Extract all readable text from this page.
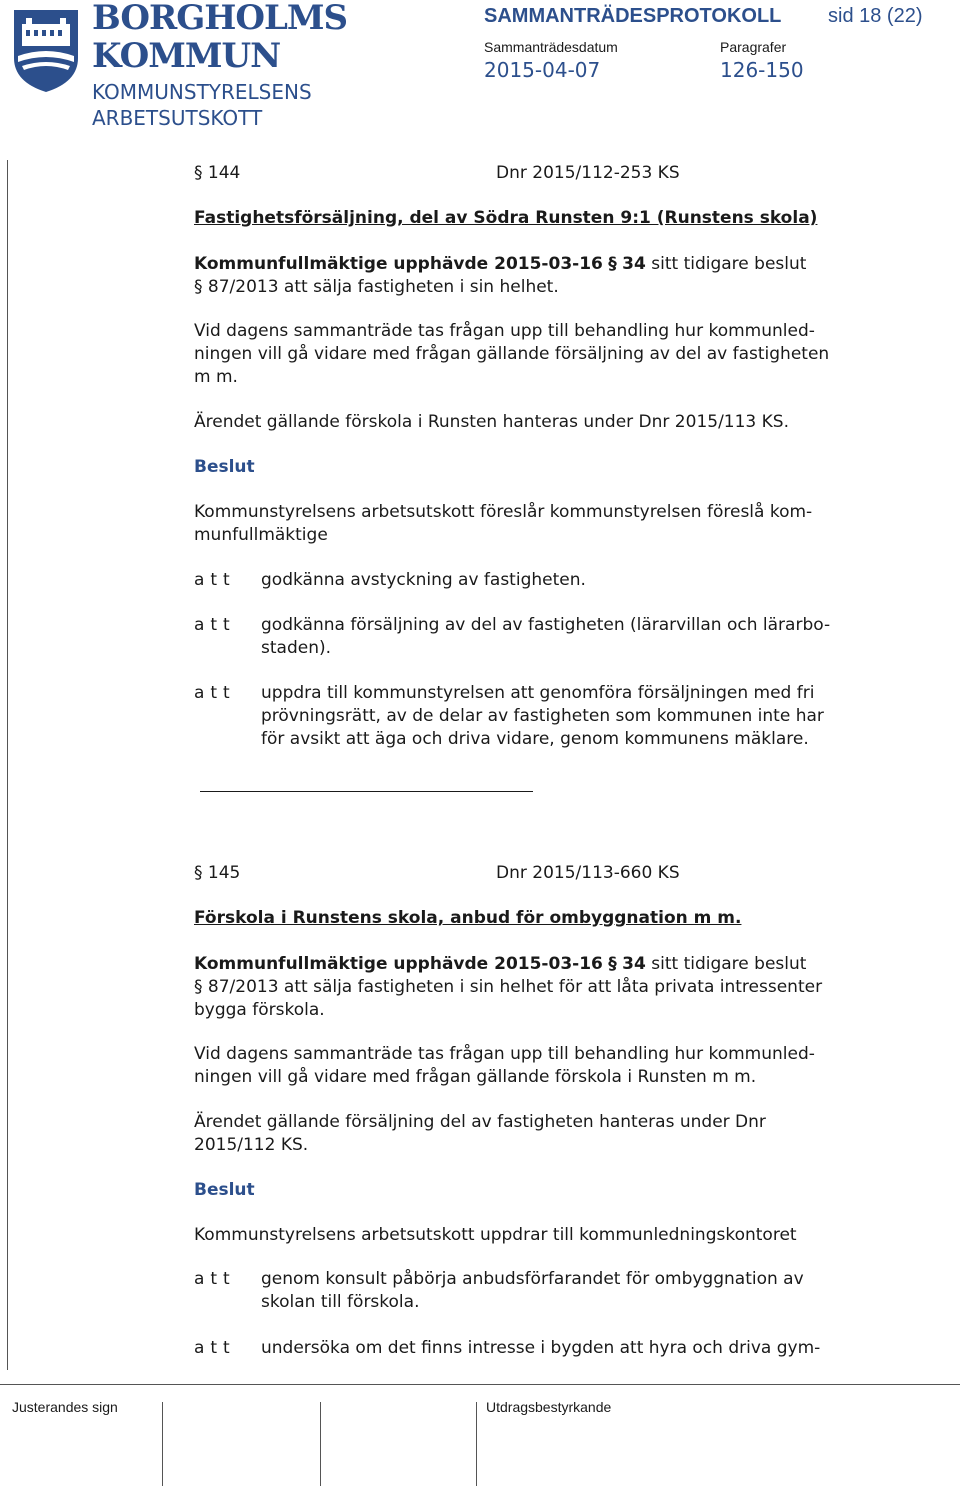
BORGHOLMS
KOMMUN
KOMMUNSTYRELSENS
ARBETSUTSKOTT
SAMMANTRÄDESPROTOKOLL sid 18 (22)
Sammanträdesdatum	Paragrafer
2015-04-07	126-150
§ 144	Dnr 2015/112-253 KS
Fastighetsförsäljning, del av Södra Runsten 9:1 (Runstens skola)
Kommunfullmäktige upphävde 2015-03-16 § 34 sitt tidigare beslut
§ 87/2013 att sälja fastigheten i sin helhet.
Vid dagens sammanträde tas frågan upp till behandling hur kommunled-
ningen vill gå vidare med frågan gällande försäljning av del av fastigheten
m m.
Ärendet gällande förskola i Runsten hanteras under Dnr 2015/113 KS.
Beslut
Kommunstyrelsens arbetsutskott föreslår kommunstyrelsen föreslå kom-
munfullmäktige
att godkänna avstyckning av fastigheten.
att godkänna försäljning av del av fastigheten (lärarvillan och lärarbo-
staden).
att uppdra till kommunstyrelsen att genomföra försäljningen med fri
prövningsrätt, av de delar av fastigheten som kommunen inte har
för avsikt att äga och driva vidare, genom kommunens mäklare.
§ 145	Dnr 2015/113-660 KS
Förskola i Runstens skola, anbud för ombyggnation m m.
Kommunfullmäktige upphävde 2015-03-16 § 34 sitt tidigare beslut
§ 87/2013 att sälja fastigheten i sin helhet för att låta privata intressenter
bygga förskola.
Vid dagens sammanträde tas frågan upp till behandling hur kommunled-
ningen vill gå vidare med frågan gällande förskola i Runsten m m.
Ärendet gällande försäljning del av fastigheten hanteras under Dnr
2015/112 KS.
Beslut
Kommunstyrelsens arbetsutskott uppdrar till kommunledningskontoret
att genom konsult påbörja anbudsförfarandet för ombyggnation av
skolan till förskola.
att undersöka om det finns intresse i bygden att hyra och driva gym-
Justerandes sign	Utdragsbestyrkande
